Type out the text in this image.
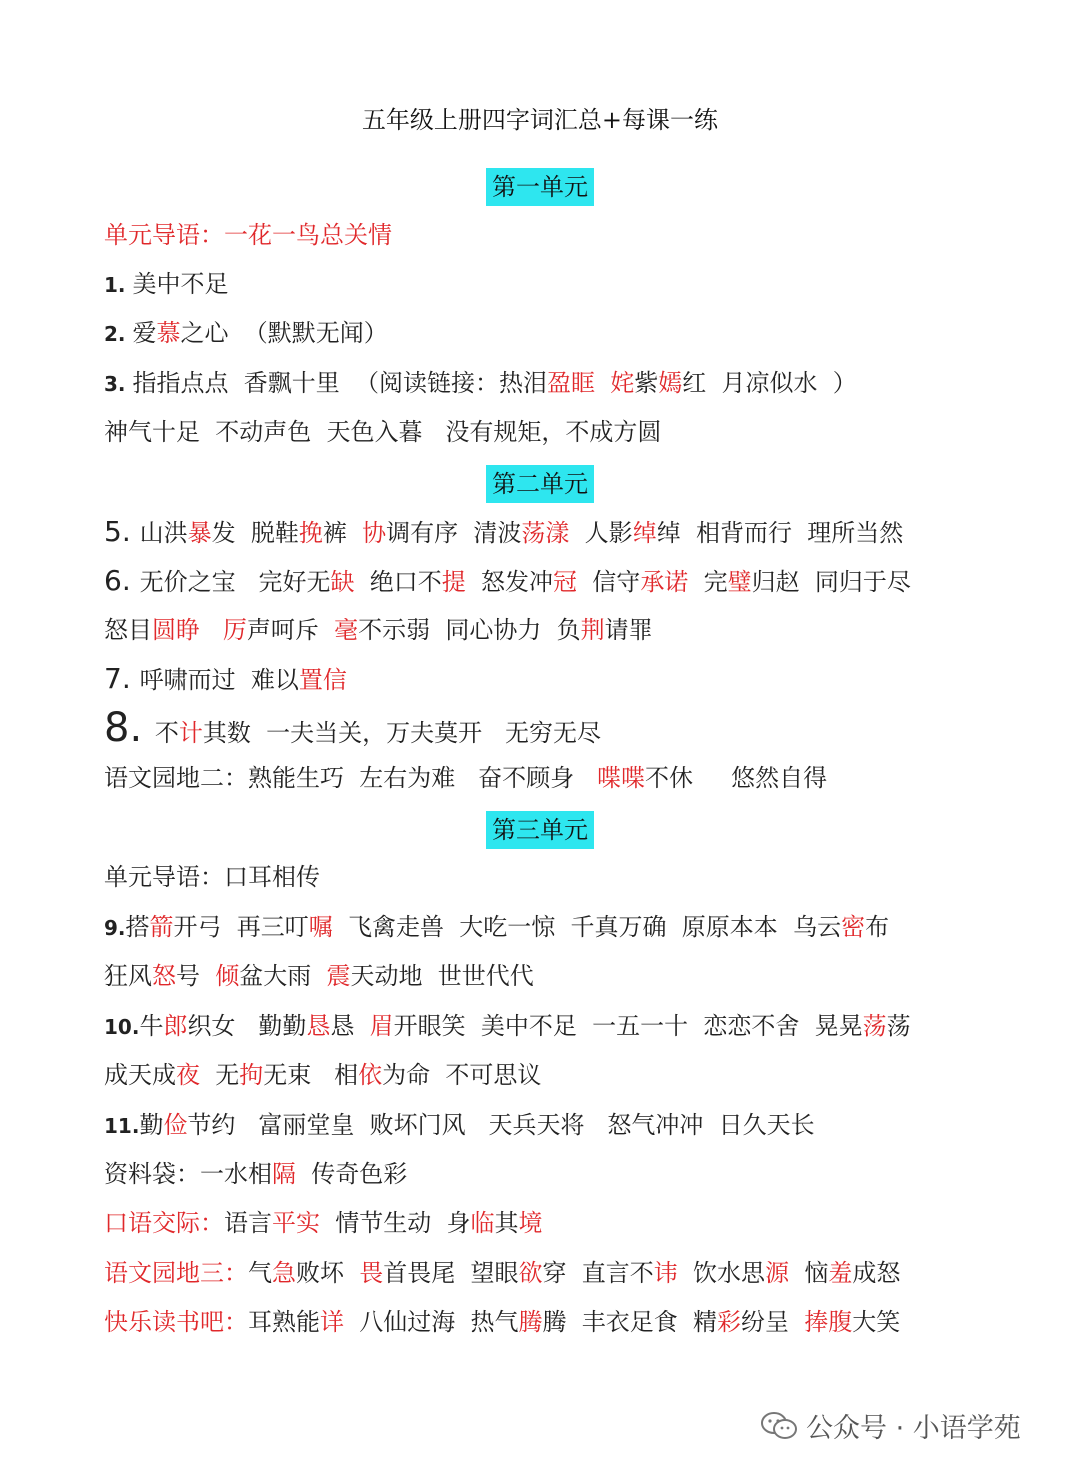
五年级上册四字词汇总+每课一练
第一单元
第二单元
第三单元
单元导语：一花一鸟总关情
1. 美中不足
2. 爱慕之心  （默默无闻）
3. 指指点点  香飘十里  （阅读链接：热泪盈眶 姹紫嫣红  月凉似水  ）
神气十足  不动声色  天色入暮   没有规矩，不成方圆
5. 山洪暴发  脱鞋挽裤  协调有序  清波荡漾  人影绰绰  相背而行  理所当然
6. 无价之宝   完好无缺  绝口不提  怒发冲冠  信守承诺  完璧归赵  同归于尽
怒目圆睁 厉声呵斥  毫不示弱  同心协力  负荆请罪
7. 呼啸而过  难以置信
8. 不计其数  一夫当关，万夫莫开   无穷无尽
语文园地二：熟能生巧  左右为难   奋不顾身   喋喋不休     悠然自得
单元导语：口耳相传
9.搭箭开弓  再三叮嘱  飞禽走兽  大吃一惊  千真万确  原原本本  乌云密布
狂风怒号  倾盆大雨  震天动地  世世代代
10.牛郎织女   勤勤恳恳  眉开眼笑  美中不足  一五一十  恋恋不舍  晃晃荡荡
成天成夜  无拘无束   相依为命  不可思议
11.勤俭节约   富丽堂皇  败坏门风   天兵天将   怒气冲冲  日久天长
资料袋：一水相隔  传奇色彩
口语交际：语言平实  情节生动  身临其境
语文园地三：气急败坏  畏首畏尾  望眼欲穿  直言不讳  饮水思源  恼羞成怒
快乐读书吧：耳熟能详  八仙过海  热气腾腾  丰衣足食  精彩纷呈  捧腹大笑
公众号 · 小语学苑
